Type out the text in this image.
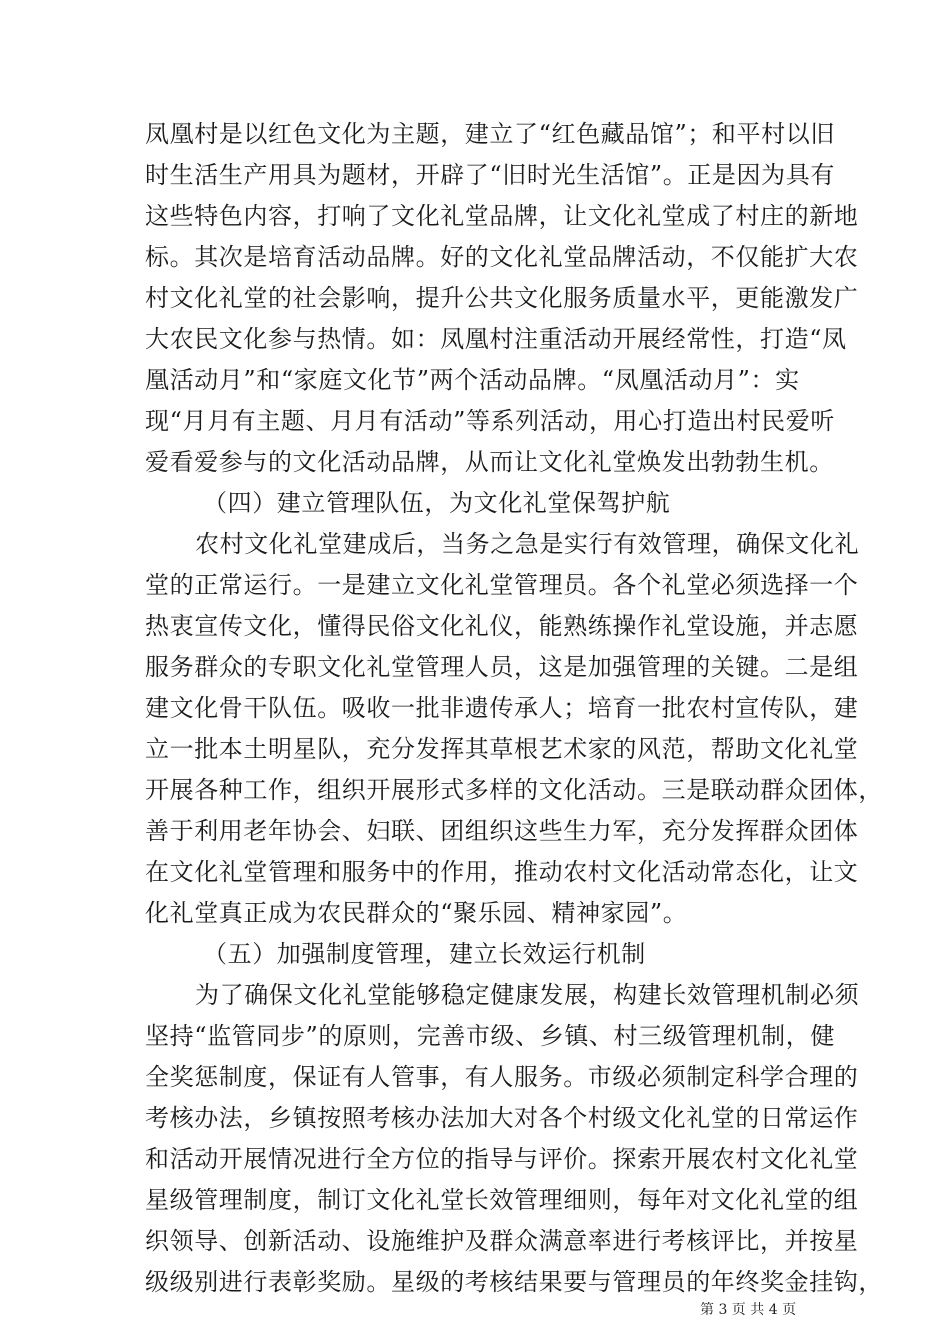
凤凰村是以红色文化为主题，建立了“红色藏品馆”；和平村以旧
时生活生产用具为题材，开辟了“旧时光生活馆”。正是因为具有
这些特色内容，打响了文化礼堂品牌，让文化礼堂成了村庄的新地
标。其次是培育活动品牌。好的文化礼堂品牌活动，不仅能扩大农
村文化礼堂的社会影响，提升公共文化服务质量水平，更能激发广
大农民文化参与热情。如：凤凰村注重活动开展经常性，打造“凤
凰活动月”和“家庭文化节”两个活动品牌。“凤凰活动月”：实
现“月月有主题、月月有活动”等系列活动，用心打造出村民爱听
爱看爱参与的文化活动品牌，从而让文化礼堂焕发出勃勃生机。
（四）建立管理队伍，为文化礼堂保驾护航
农村文化礼堂建成后，当务之急是实行有效管理，确保文化礼
堂的正常运行。一是建立文化礼堂管理员。各个礼堂必须选择一个
热衷宣传文化，懂得民俗文化礼仪，能熟练操作礼堂设施，并志愿
服务群众的专职文化礼堂管理人员，这是加强管理的关键。二是组
建文化骨干队伍。吸收一批非遗传承人；培育一批农村宣传队，建
立一批本土明星队，充分发挥其草根艺术家的风范，帮助文化礼堂
开展各种工作，组织开展形式多样的文化活动。三是联动群众团体，
善于利用老年协会、妇联、团组织这些生力军，充分发挥群众团体
在文化礼堂管理和服务中的作用，推动农村文化活动常态化，让文
化礼堂真正成为农民群众的“聚乐园、精神家园”。
（五）加强制度管理，建立长效运行机制
为了确保文化礼堂能够稳定健康发展，构建长效管理机制必须
坚持“监管同步”的原则，完善市级、乡镇、村三级管理机制，健
全奖惩制度，保证有人管事，有人服务。市级必须制定科学合理的
考核办法，乡镇按照考核办法加大对各个村级文化礼堂的日常运作
和活动开展情况进行全方位的指导与评价。探索开展农村文化礼堂
星级管理制度，制订文化礼堂长效管理细则，每年对文化礼堂的组
织领导、创新活动、设施维护及群众满意率进行考核评比，并按星
级级别进行表彰奖励。星级的考核结果要与管理员的年终奖金挂钩，
第 3 页 共 4 页
